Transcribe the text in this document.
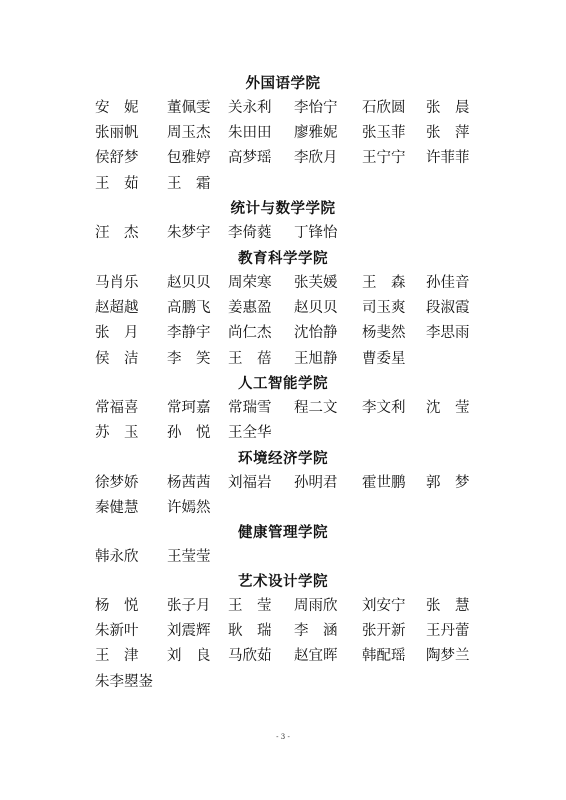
外国语学院
安　妮 董佩雯 关永利 李怡宁 石欣圆 张　晨
张丽帆 周玉杰 朱田田 廖雅妮 张玉菲 张　萍
侯舒梦 包雅婷 高梦瑶 李欣月 王宁宁 许菲菲
王　茹 王　霜
统计与数学学院
汪　杰 朱梦宇 李倚蕤 丁锋怡
教育科学学院
马肖乐 赵贝贝 周荣寒 张芙媛 王　森 孙佳音
赵超越 高鹏飞 姜惠盈 赵贝贝 司玉爽 段淑霞
张　月 李静宇 尚仁杰 沈怡静 杨斐然 李思雨
侯　洁 李　笑 王　蓓 王旭静 曹委星
人工智能学院
常福喜 常珂嘉 常瑞雪 程二文 李文利 沈　莹
苏　玉 孙　悦 王全华
环境经济学院
徐梦娇 杨茜茜 刘福岩 孙明君 霍世鹏 郭　梦
秦健慧 许嫣然
健康管理学院
韩永欣 王莹莹
艺术设计学院
杨　悦 张子月 王　莹 周雨欣 刘安宁 张　慧
朱新叶 刘震辉 耿　瑞 李　涵 张开新 王丹蕾
王　津 刘　良 马欣茹 赵宜晖 韩配瑶 陶梦兰
朱李曌崟
- 3 -
